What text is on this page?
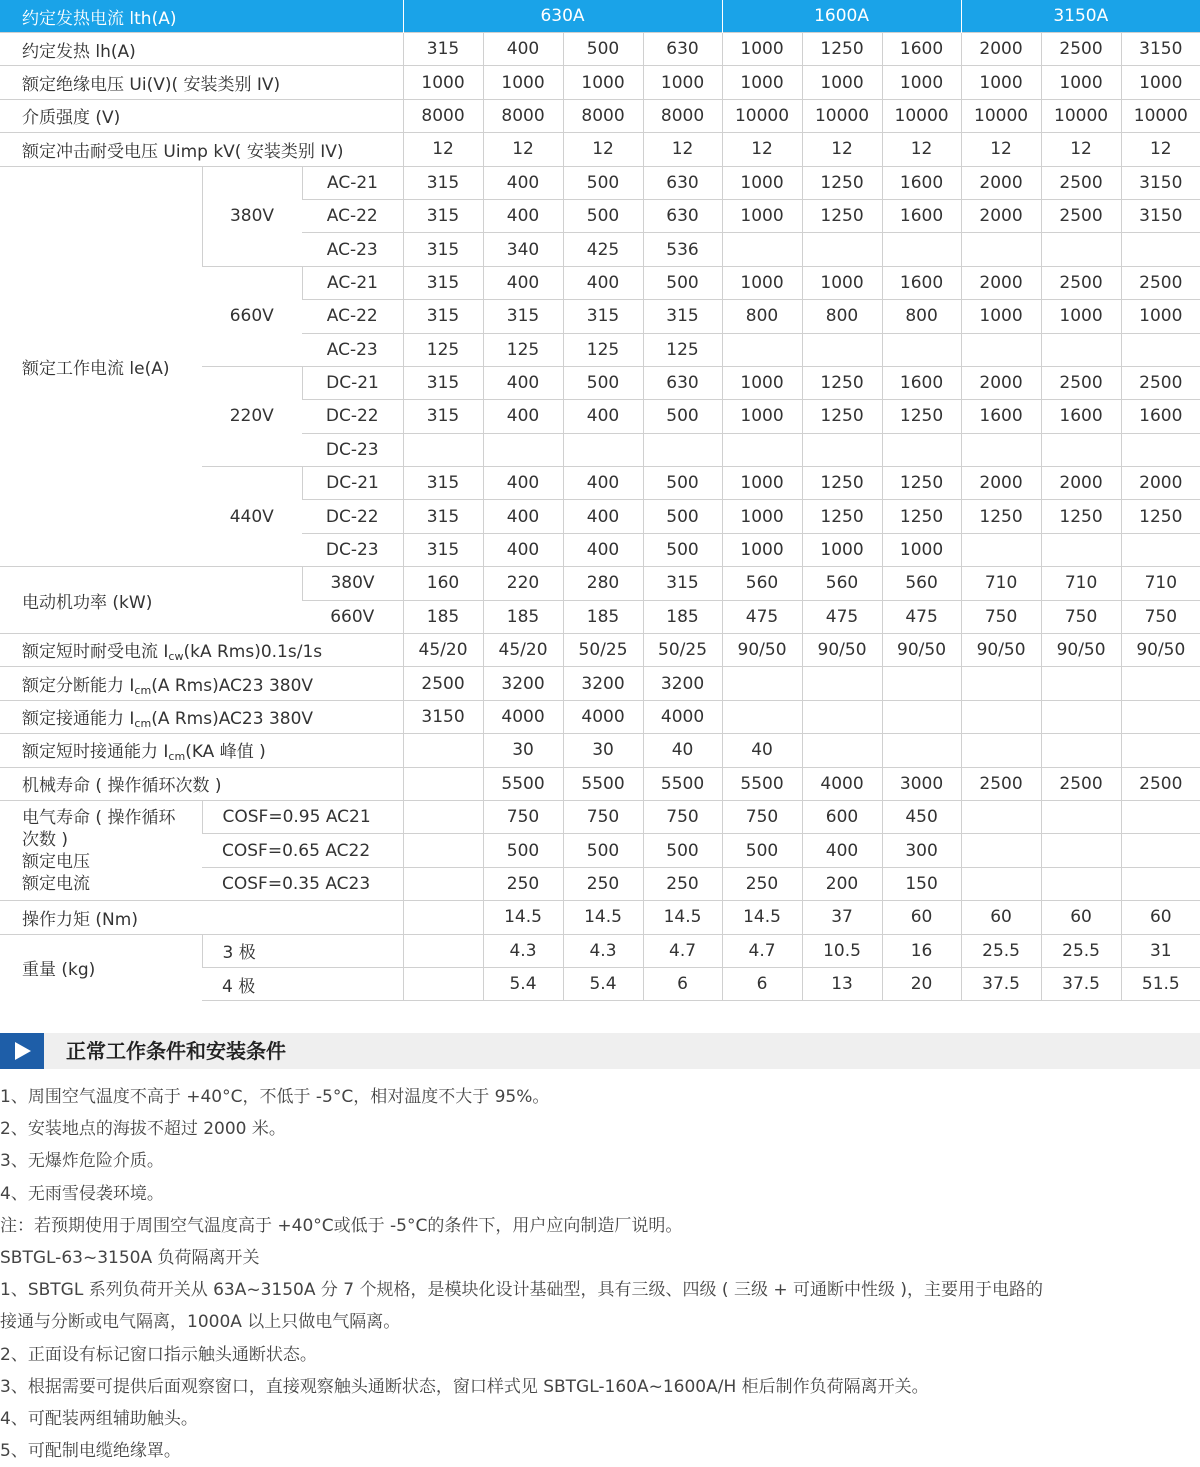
约定发热电流 lth(A)			630A				1600A			3150A		
约定发热 lh(A)			315	400	500	630	1000	1250	1600	2000	2500	3150
额定绝缘电压 Ui(V)( 安装类别 IV)			1000	1000	1000	1000	1000	1000	1000	1000	1000	1000
介质强度 (V)			8000	8000	8000	8000	10000	10000	10000	10000	10000	10000
额定冲击耐受电压 Uimp kV( 安装类别 IV)			12	12	12	12	12	12	12	12	12	12
额定工作电流 le(A)	380V	AC-21	315	400	500	630	1000	1250	1600	2000	2500	3150
		AC-22	315	400	500	630	1000	1250	1600	2000	2500	3150
		AC-23	315	340	425	536						
	660V	AC-21	315	400	400	500	1000	1000	1600	2000	2500	2500
		AC-22	315	315	315	315	800	800	800	1000	1000	1000
		AC-23	125	125	125	125						
	220V	DC-21	315	400	500	630	1000	1250	1600	2000	2500	2500
		DC-22	315	400	400	500	1000	1250	1250	1600	1600	1600
		DC-23										
	440V	DC-21	315	400	400	500	1000	1250	1250	2000	2000	2000
		DC-22	315	400	400	500	1000	1250	1250	1250	1250	1250
		DC-23	315	400	400	500	1000	1000	1000			
电动机功率 (kW)		380V	160	220	280	315	560	560	560	710	710	710
		660V	185	185	185	185	475	475	475	750	750	750
额定短时耐受电流 $I_{cw}(kA$ Rms)0.1s/1s			45/20	45/20	50/25	50/25	90/50	90/50	90/50	90/50	90/50	90/50
额定分断能力 $I_{cm}(A$ Rms)AC23 380V			2500	3200	3200	3200						
额定接通能力 $I_{cm}(A$ Rms)AC23 380V			3150	4000	4000	4000						
额定短时接通能力 $I_{cm}(KA$ 峰值 )				30	30	40	40					
机械寿命 ( 操作循环次数 )				5500	5500	5500	5500	4000	3000	2500	2500	2500

电气寿命 ( 操作循环
次数 )
额定电压
额定电流	COSF=0.95 AC21			750	750	750	750	600	450			
	COSF=0.65 AC22			500	500	500	500	400	300			
	COSF=0.35 AC23			250	250	250	250	200	150			
操作力矩 (Nm)				14.5	14.5	14.5	14.5	37	60	60	60	60
重量 (kg)	3 极			4.3	4.3	4.7	4.7	10.5	16	25.5	25.5	31
	4 极			5.4	5.4	6	6	13	20	37.5	37.5	51.5
正常工作条件和安装条件
1、周围空气温度不高于 +40°C，不低于 -5°C，相对温度不大于 95%。
2、安装地点的海拔不超过 2000 米。
3、无爆炸危险介质。
4、无雨雪侵袭环境。
注：若预期使用于周围空气温度高于 +40°C或低于 -5°C的条件下，用户应向制造厂说明。
SBTGL-63~3150A 负荷隔离开关
1、SBTGL 系列负荷开关从 63A~3150A 分 7 个规格，是模块化设计基础型，具有三级、四级 ( 三级 + 可通断中性级 )，主要用于电路的
接通与分断或电气隔离，1000A 以上只做电气隔离。
2、正面设有标记窗口指示触头通断状态。
3、根据需要可提供后面观察窗口，直接观察触头通断状态，窗口样式见 SBTGL-160A~1600A/H 柜后制作负荷隔离开关。
4、可配装两组辅助触头。
5、可配制电缆绝缘罩。
